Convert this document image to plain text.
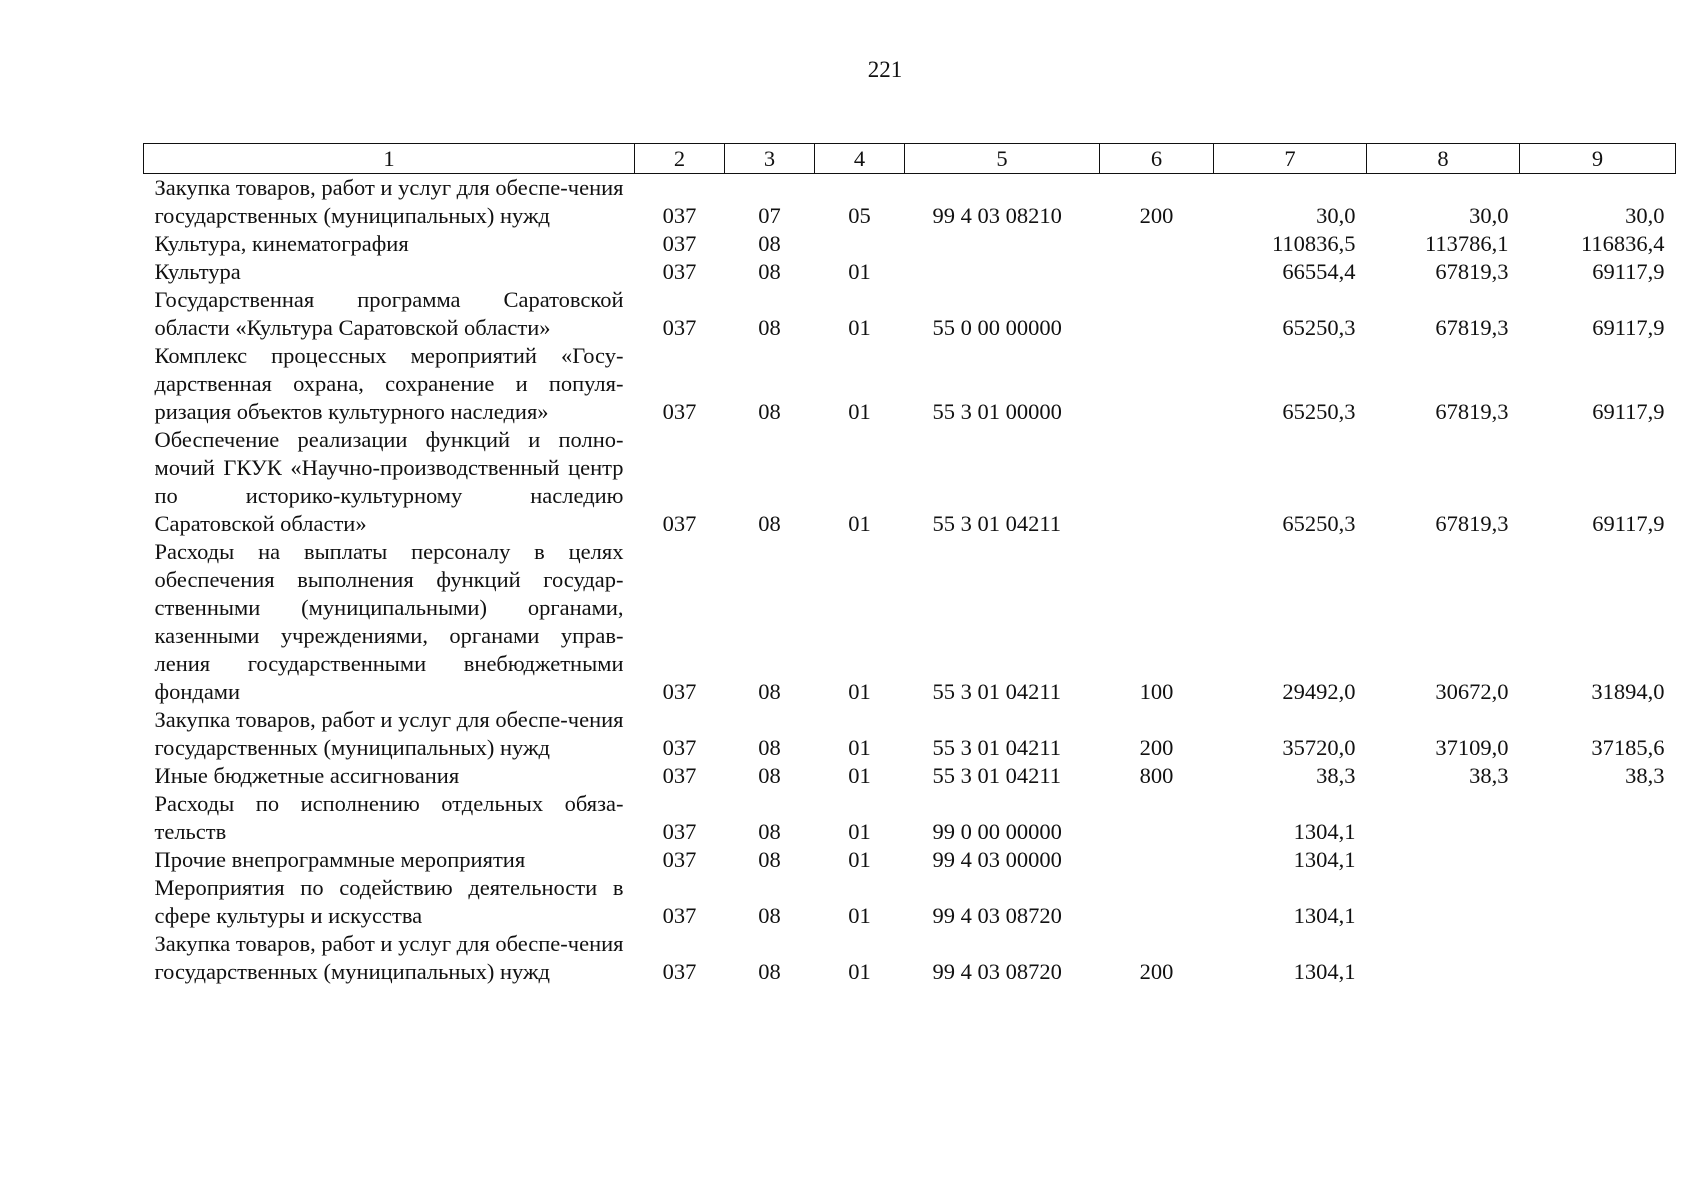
221
1	2	3	4	5	6	7	8	9
Закупка товаров, работ и услуг для обеспе-чения государственных (муниципальных) нужд	037	07	05	99 4 03 08210	200	30,0	30,0	30,0
Культура, кинематография	037	08				110836,5	113786,1	116836,4
Культура	037	08	01			66554,4	67819,3	69117,9
Государственная программа Саратовской области «Культура Саратовской области»	037	08	01	55 0 00 00000		65250,3	67819,3	69117,9
Комплекс процессных мероприятий «Госу-дарственная охрана, сохранение и популя-ризация объектов культурного наследия»	037	08	01	55 3 01 00000		65250,3	67819,3	69117,9
Обеспечение реализации функций и полно-мочий ГКУК «Научно-производственный центр по историко-культурному наследию Саратовской области»	037	08	01	55 3 01 04211		65250,3	67819,3	69117,9
Расходы на выплаты персоналу в целях обеспечения выполнения функций государ-ственными (муниципальными) органами, казенными учреждениями, органами управ-ления государственными внебюджетными фондами	037	08	01	55 3 01 04211	100	29492,0	30672,0	31894,0
Закупка товаров, работ и услуг для обеспе-чения государственных (муниципальных) нужд	037	08	01	55 3 01 04211	200	35720,0	37109,0	37185,6
Иные бюджетные ассигнования	037	08	01	55 3 01 04211	800	38,3	38,3	38,3
Расходы по исполнению отдельных обяза-тельств	037	08	01	99 0 00 00000		1304,1		
Прочие внепрограммные мероприятия	037	08	01	99 4 03 00000		1304,1		
Мероприятия по содействию деятельности в сфере культуры и искусства	037	08	01	99 4 03 08720		1304,1		
Закупка товаров, работ и услуг для обеспе-чения государственных (муниципальных) нужд	037	08	01	99 4 03 08720	200	1304,1		
